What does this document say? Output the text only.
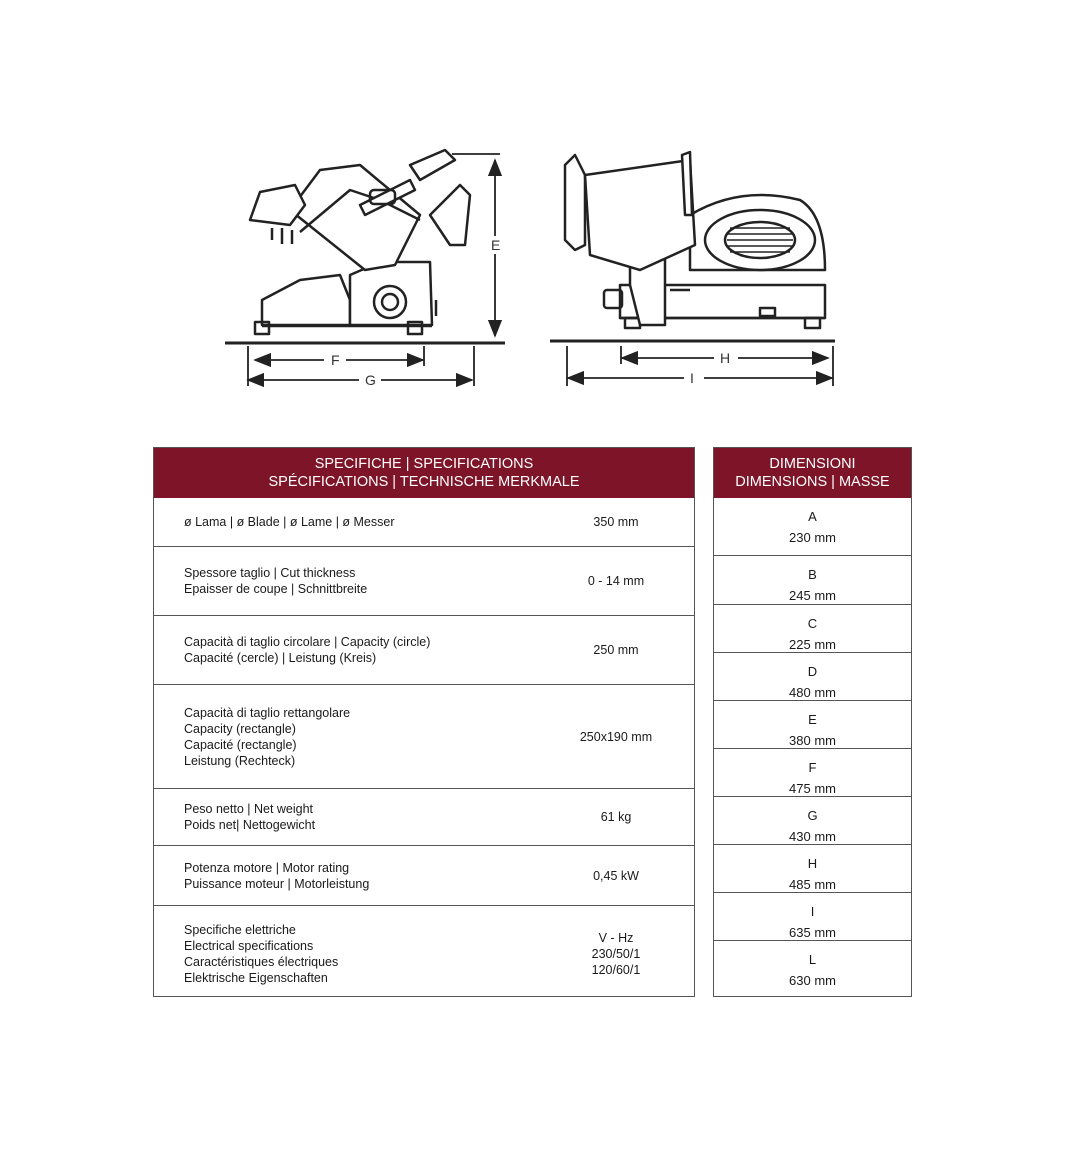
E
F
G
H
I
SPECIFICHE | SPECIFICATIONS
SPÉCIFICATIONS | TECHNISCHE MERKMALE
ø Lama | ø Blade | ø Lame | ø Messer	350 mm
Spessore taglio | Cut thickness
Epaisser de coupe | Schnittbreite
0 - 14 mm
Capacità di taglio circolare | Capacity (circle)
Capacité (cercle) | Leistung (Kreis)
250 mm
Capacità di taglio rettangolare
Capacity (rectangle)
Capacité (rectangle)
Leistung (Rechteck)
250x190 mm
Peso netto | Net weight
Poids net| Nettogewicht
61 kg
Potenza motore | Motor rating
Puissance moteur | Motorleistung
0,45 kW
Specifiche elettriche
Electrical specifications
Caractéristiques électriques
Elektrische Eigenschaften
V - Hz
230/50/1
120/60/1
DIMENSIONI
DIMENSIONS | MASSE
A
230 mm
B
245 mm
C
225 mm
D
480 mm
E
380 mm
F
475 mm
G
430 mm
H
485 mm
I
635 mm
L
630 mm
